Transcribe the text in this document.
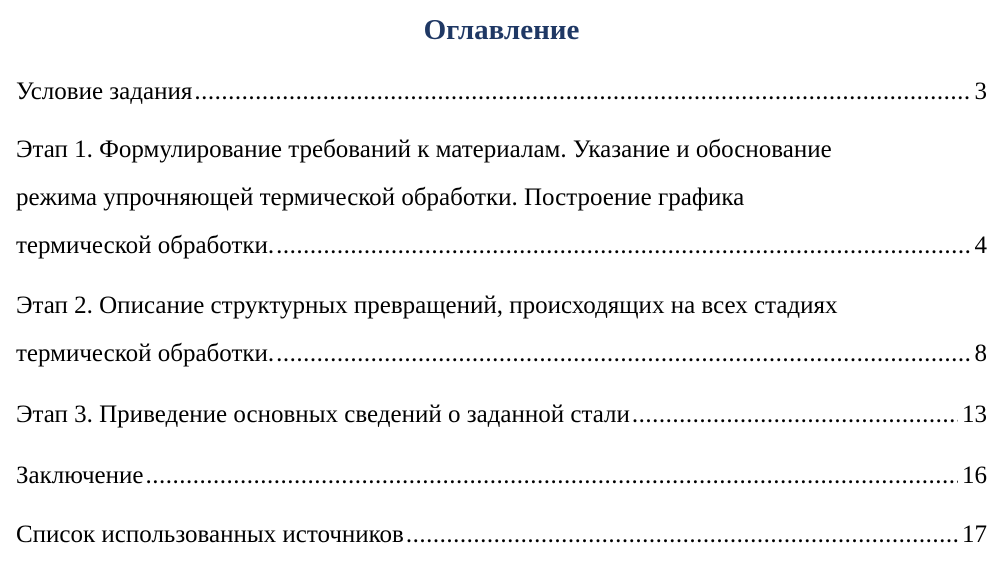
Оглавление
Условие задания .....	3
Этап 1. Формулирование требований к материалам. Указание и обоснование
режима упрочняющей термической обработки. Построение графика
термической обработки. .....	4
Этап 2. Описание структурных превращений, происходящих на всех стадиях
термической обработки. .....	8
Этап 3. Приведение основных сведений о заданной стали .....	13
Заключение .....	16
Список использованных источников .....	17
